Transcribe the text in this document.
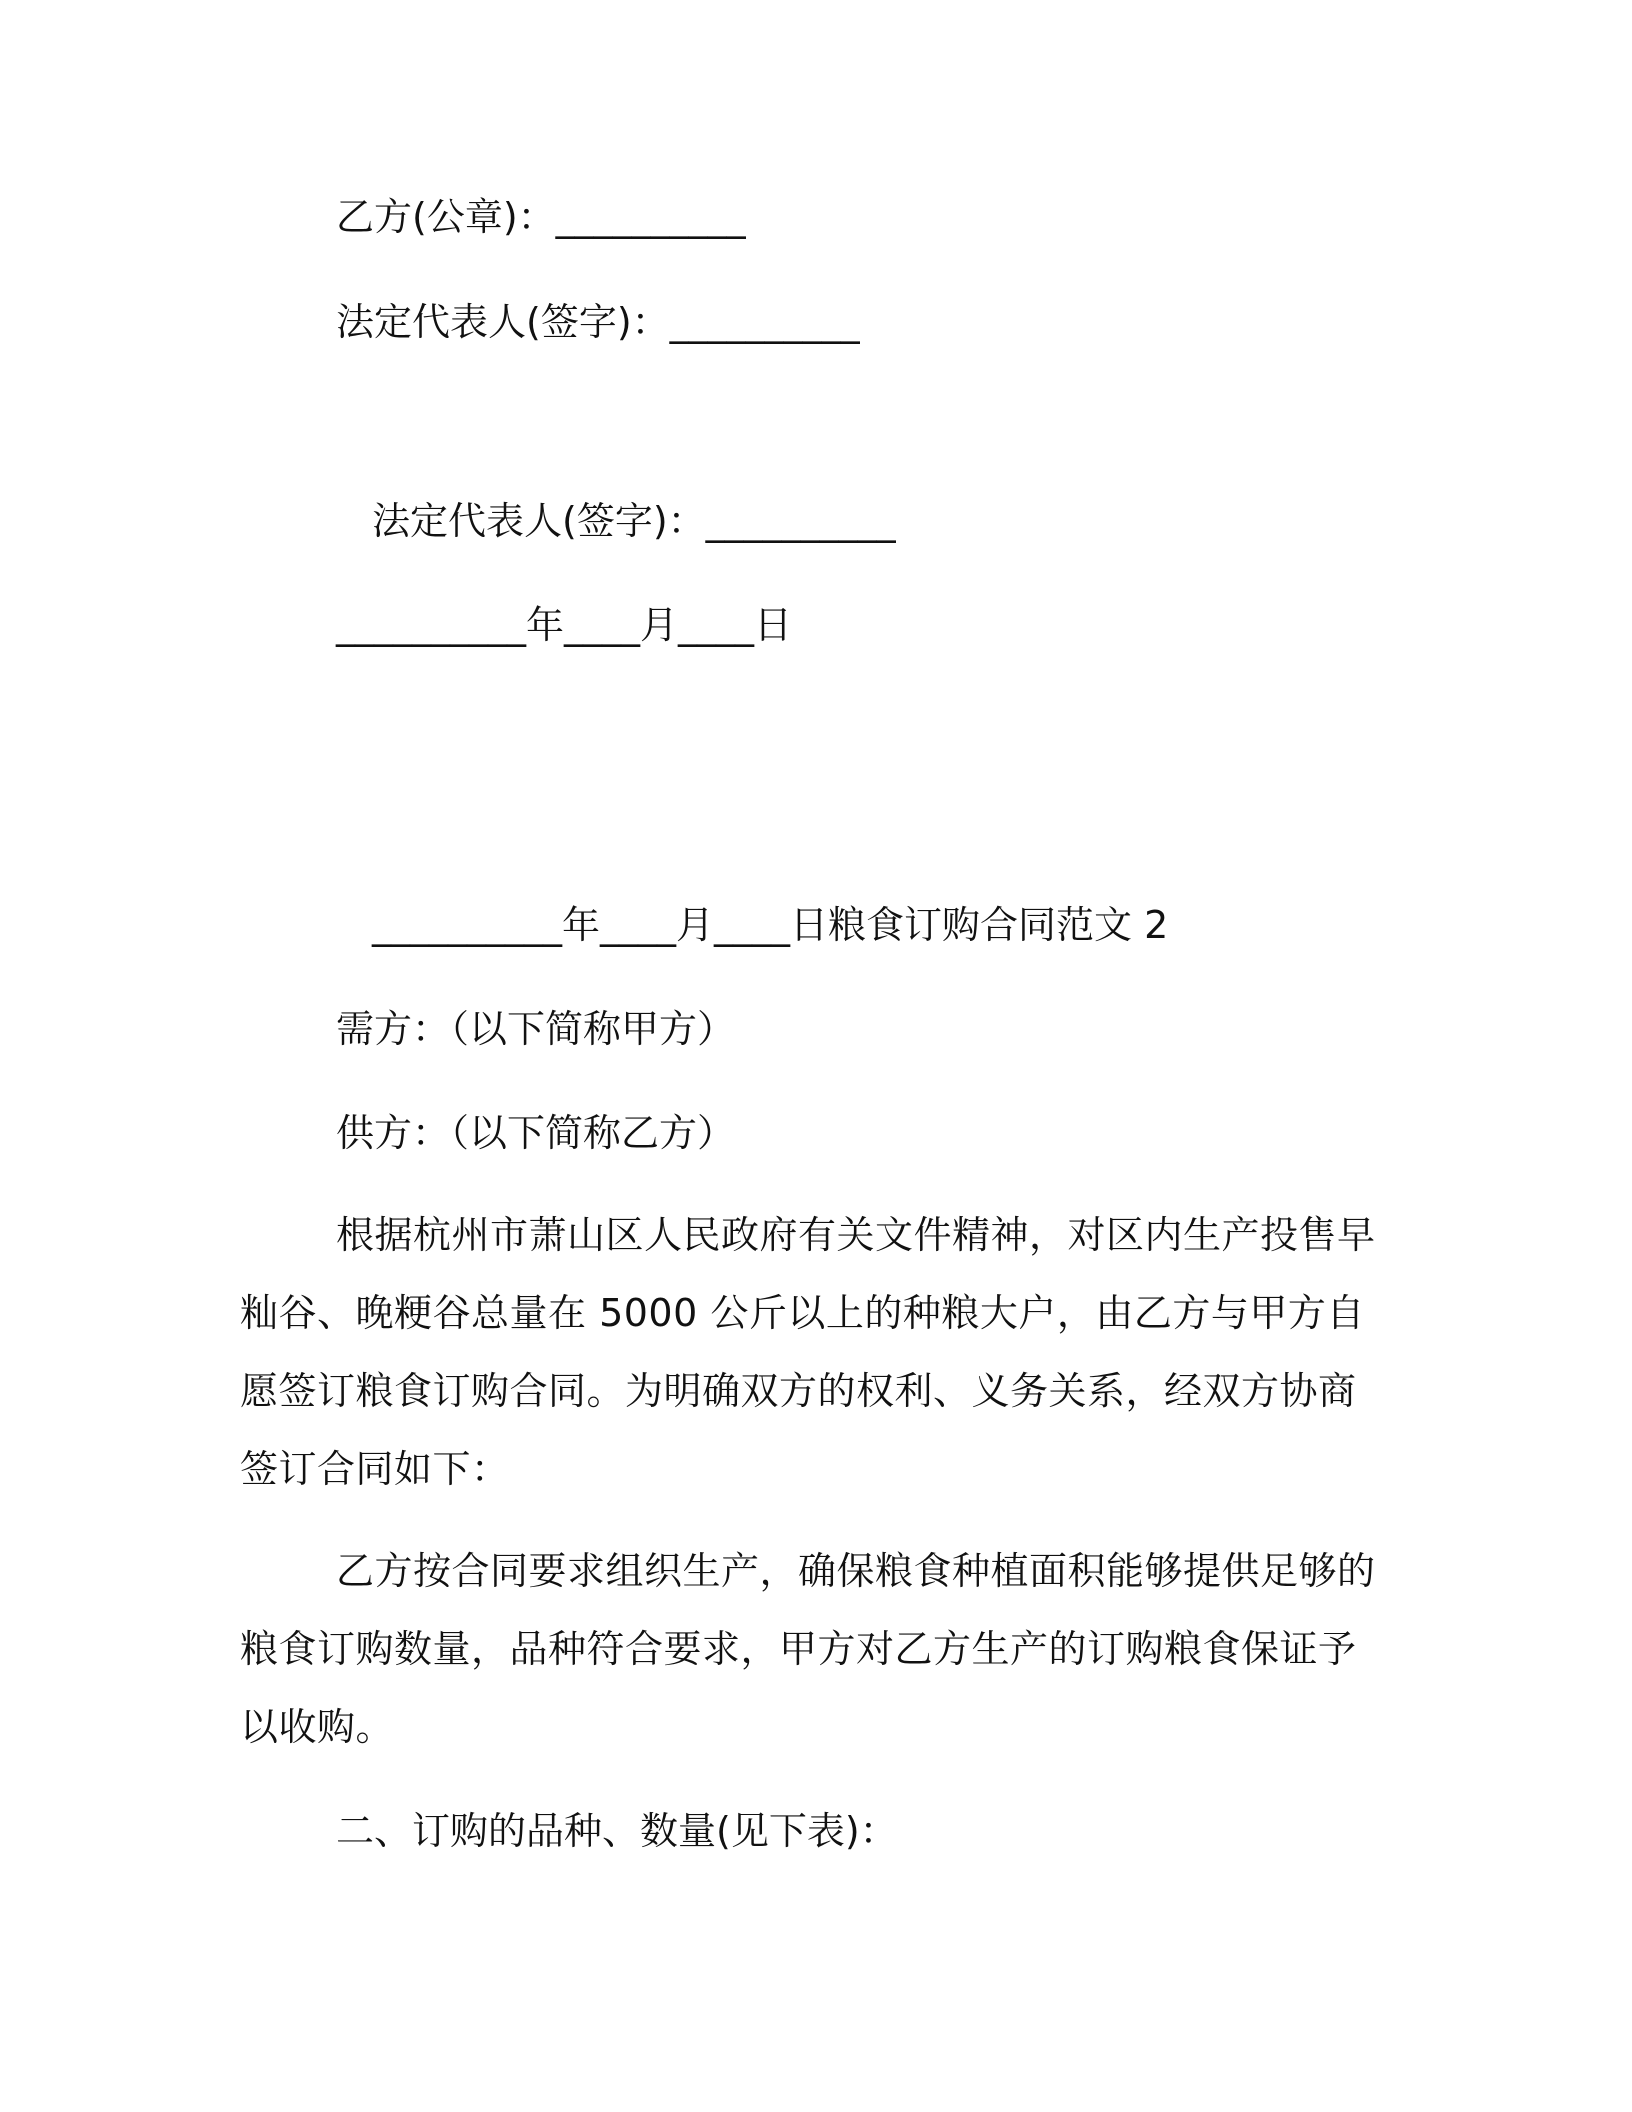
乙方(公章)：__________

法定代表人(签字)：__________

法定代表人(签字)：__________

__________年____月____日

__________年____月____日粮食订购合同范文 2

需方：（以下简称甲方）

供方：（以下简称乙方）

根据杭州市萧山区人民政府有关文件精神，对区内生产投售早籼谷、晚粳谷总量在 5000 公斤以上的种粮大户，由乙方与甲方自愿签订粮食订购合同。为明确双方的权利、义务关系，经双方协商签订合同如下：

乙方按合同要求组织生产，确保粮食种植面积能够提供足够的粮食订购数量，品种符合要求，甲方对乙方生产的订购粮食保证予以收购。

二、订购的品种、数量(见下表)：
